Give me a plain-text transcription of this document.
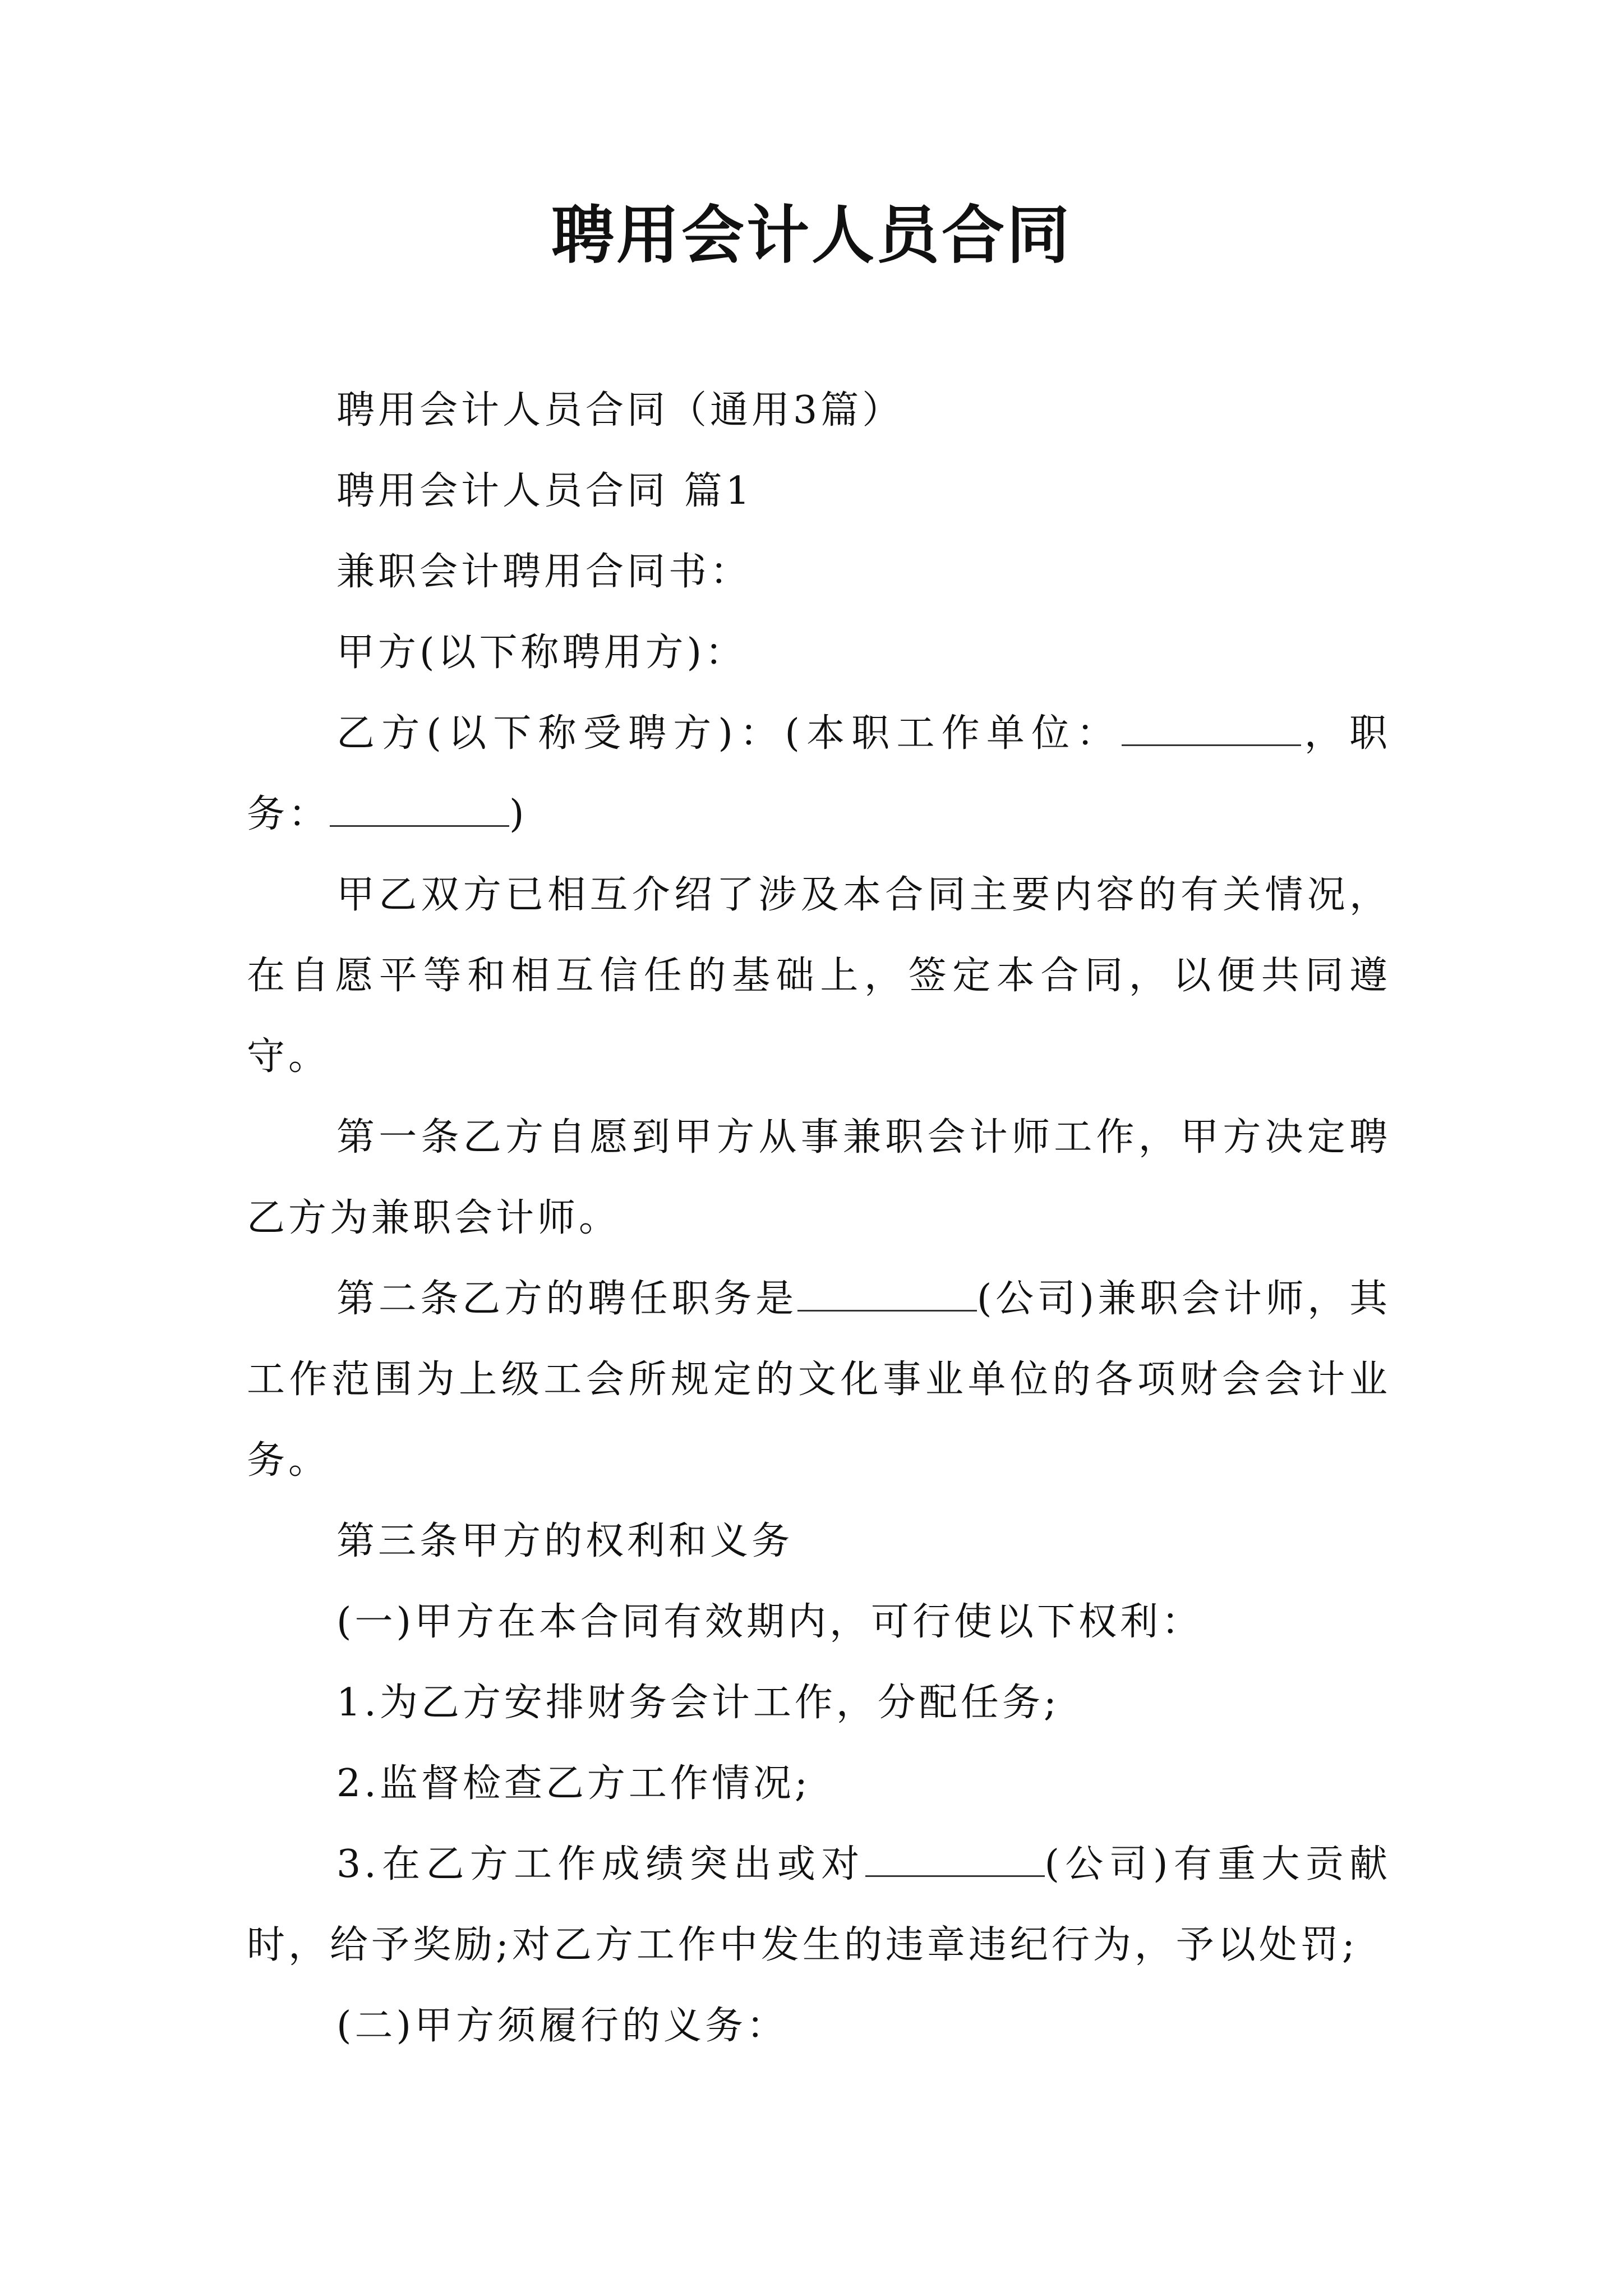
聘用会计人员合同

聘用会计人员合同（通用3篇）

聘用会计人员合同 篇1

兼职会计聘用合同书：

甲方(以下称聘用方)：

乙方(以下称受聘方)：(本职工作单位：	，职务：	)

甲乙双方已相互介绍了涉及本合同主要内容的有关情况，在自愿平等和相互信任的基础上，签定本合同，以便共同遵守。

第一条乙方自愿到甲方从事兼职会计师工作，甲方决定聘乙方为兼职会计师。

第二条乙方的聘任职务是	(公司)兼职会计师，其工作范围为上级工会所规定的文化事业单位的各项财会会计业务。

第三条甲方的权利和义务

(一)甲方在本合同有效期内，可行使以下权利：

1.为乙方安排财务会计工作，分配任务;

2.监督检查乙方工作情况;

3.在乙方工作成绩突出或对	(公司)有重大贡献时，给予奖励;对乙方工作中发生的违章违纪行为，予以处罚;

(二)甲方须履行的义务：
